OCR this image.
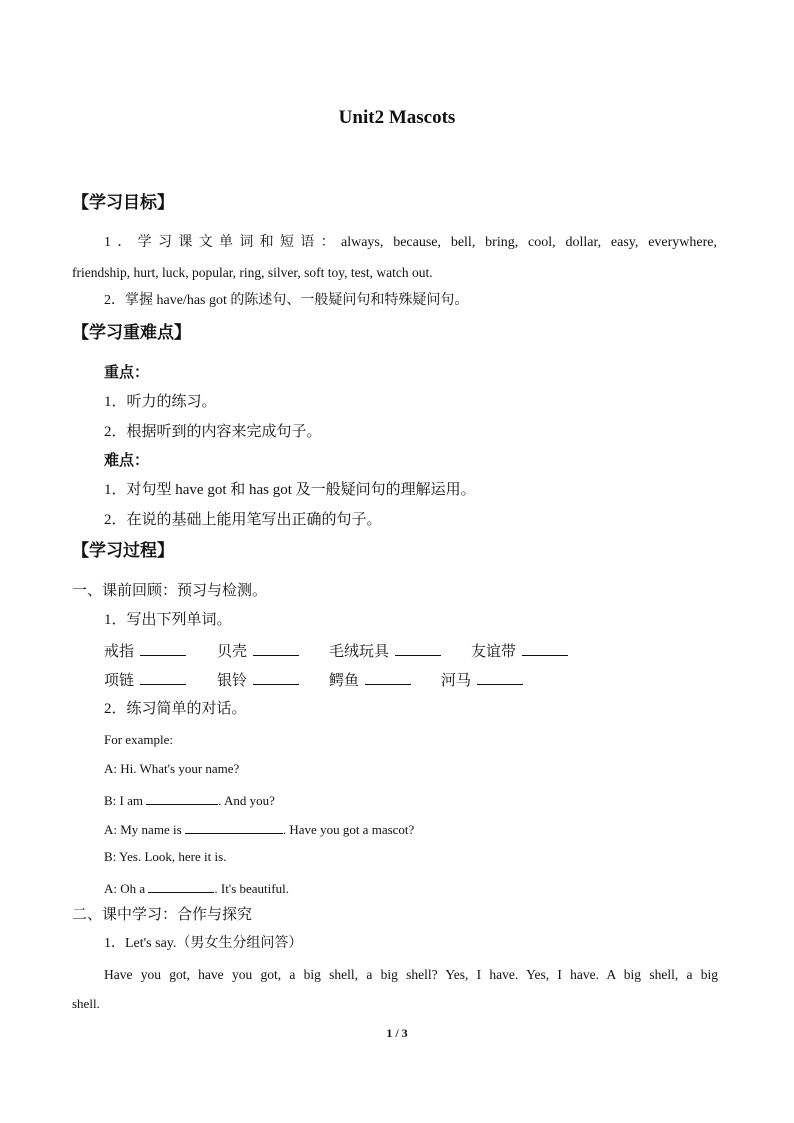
Unit2 Mascots
【学习目标】
1．学习课文单词和短语：always, because, bell, bring, cool, dollar, easy, everywhere,
friendship, hurt, luck, popular, ring, silver, soft toy, test, watch out.
2．掌握 have/has got 的陈述句、一般疑问句和特殊疑问句。
【学习重难点】
重点：
1．听力的练习。
2．根据听到的内容来完成句子。
难点：
1．对句型 have got 和 has got 及一般疑问句的理解运用。
2．在说的基础上能用笔写出正确的句子。
【学习过程】
一、课前回顾：预习与检测。
1．写出下列单词。
戒指	贝壳	毛绒玩具	友谊带
项链	银铃	鳄鱼	河马
2．练习简单的对话。
For example:
A: Hi. What's your name?
B: I am	. And you?
A: My name is	. Have you got a mascot?
B: Yes. Look, here it is.
A: Oh a	. It's beautiful.
二、课中学习：合作与探究
1．Let's say.（男女生分组问答）
Have you got, have you got, a big shell, a big shell? Yes, I have. Yes, I have. A big shell, a big
shell.
1 / 3
